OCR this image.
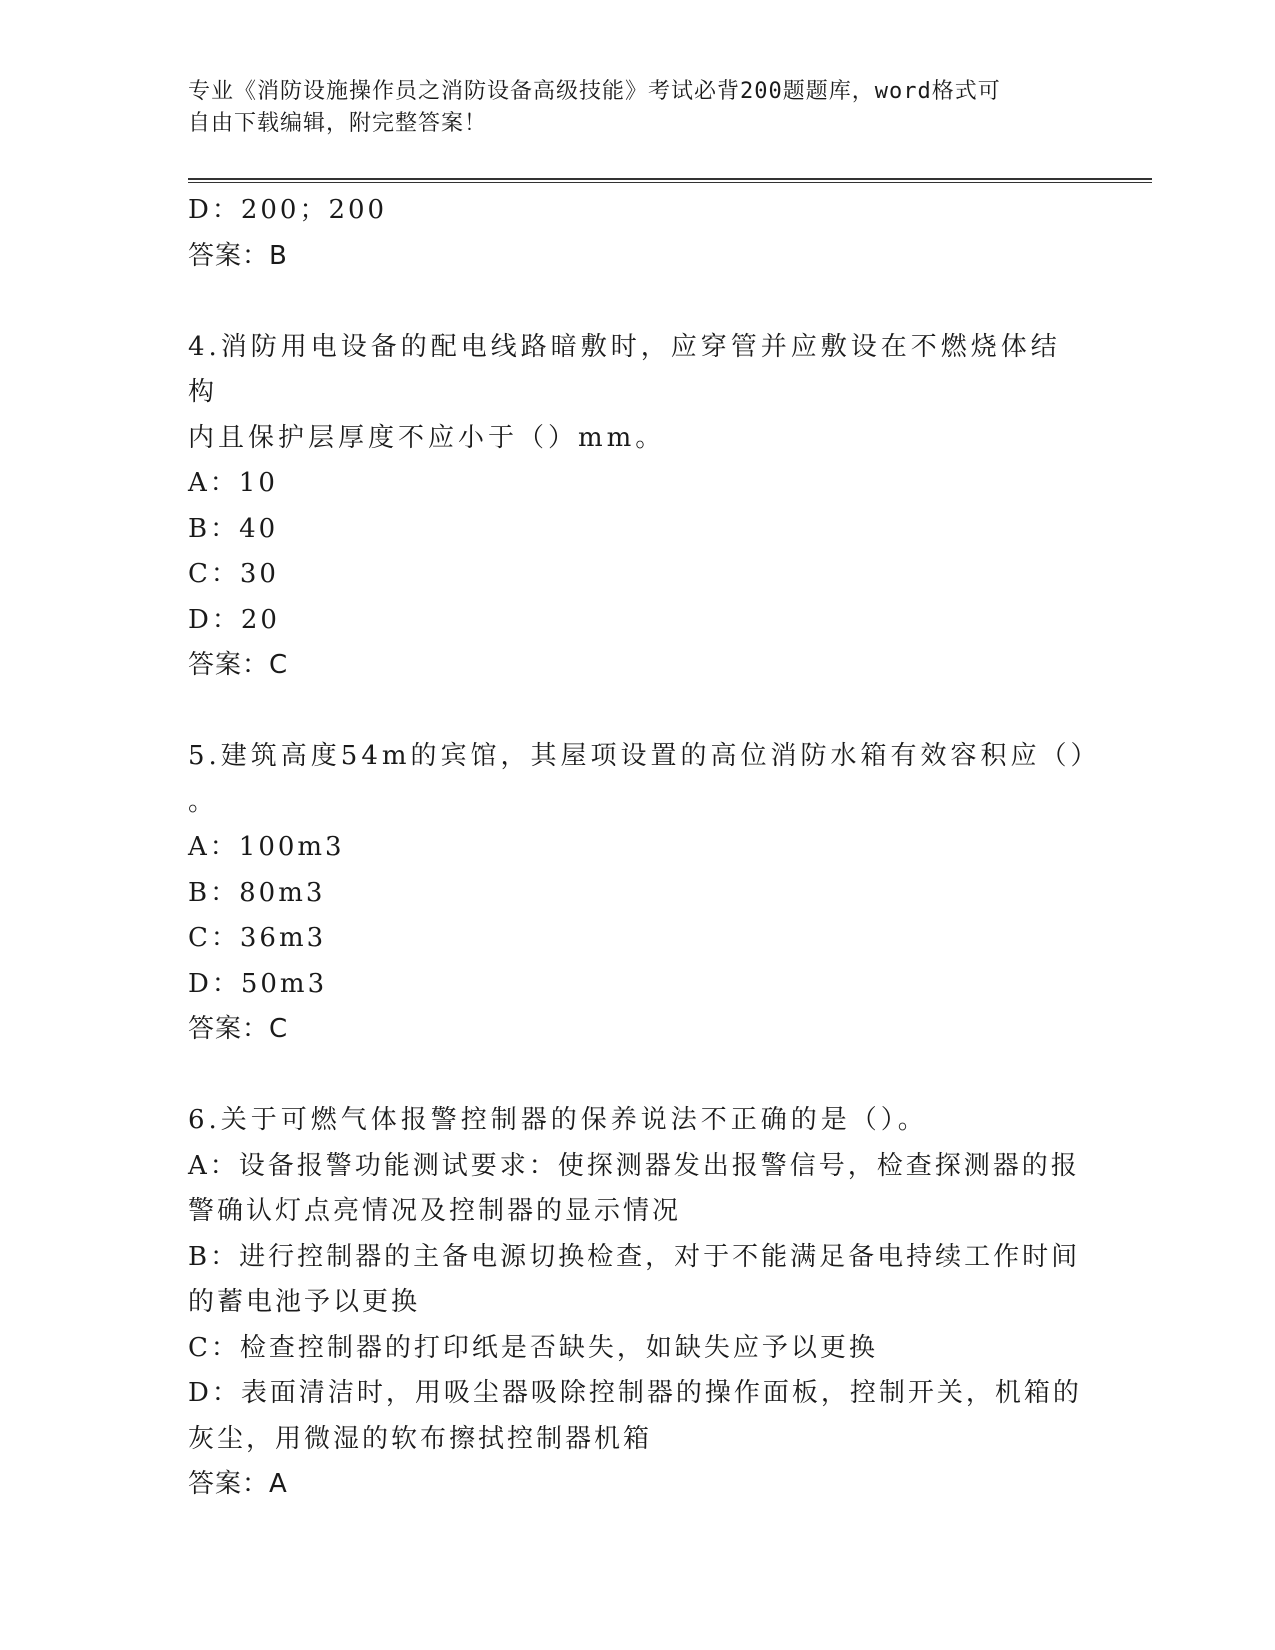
专业《消防设施操作员之消防设备高级技能》考试必背200题题库，word格式可
自由下载编辑，附完整答案！
D：200；200
答案：B
4.消防用电设备的配电线路暗敷时，应穿管并应敷设在不燃烧体结构
内且保护层厚度不应小于（）mm。
A：10
B：40
C：30
D：20
答案：C
5.建筑高度54m的宾馆，其屋项设置的高位消防水箱有效容积应（）
。
A：100m3
B：80m3
C：36m3
D：50m3
答案：C
6.关于可燃气体报警控制器的保养说法不正确的是（）。
A：设备报警功能测试要求：使探测器发出报警信号，检查探测器的报
警确认灯点亮情况及控制器的显示情况
B：进行控制器的主备电源切换检查，对于不能满足备电持续工作时间
的蓄电池予以更换
C：检查控制器的打印纸是否缺失，如缺失应予以更换
D：表面清洁时，用吸尘器吸除控制器的操作面板，控制开关，机箱的
灰尘，用微湿的软布擦拭控制器机箱
答案：A
